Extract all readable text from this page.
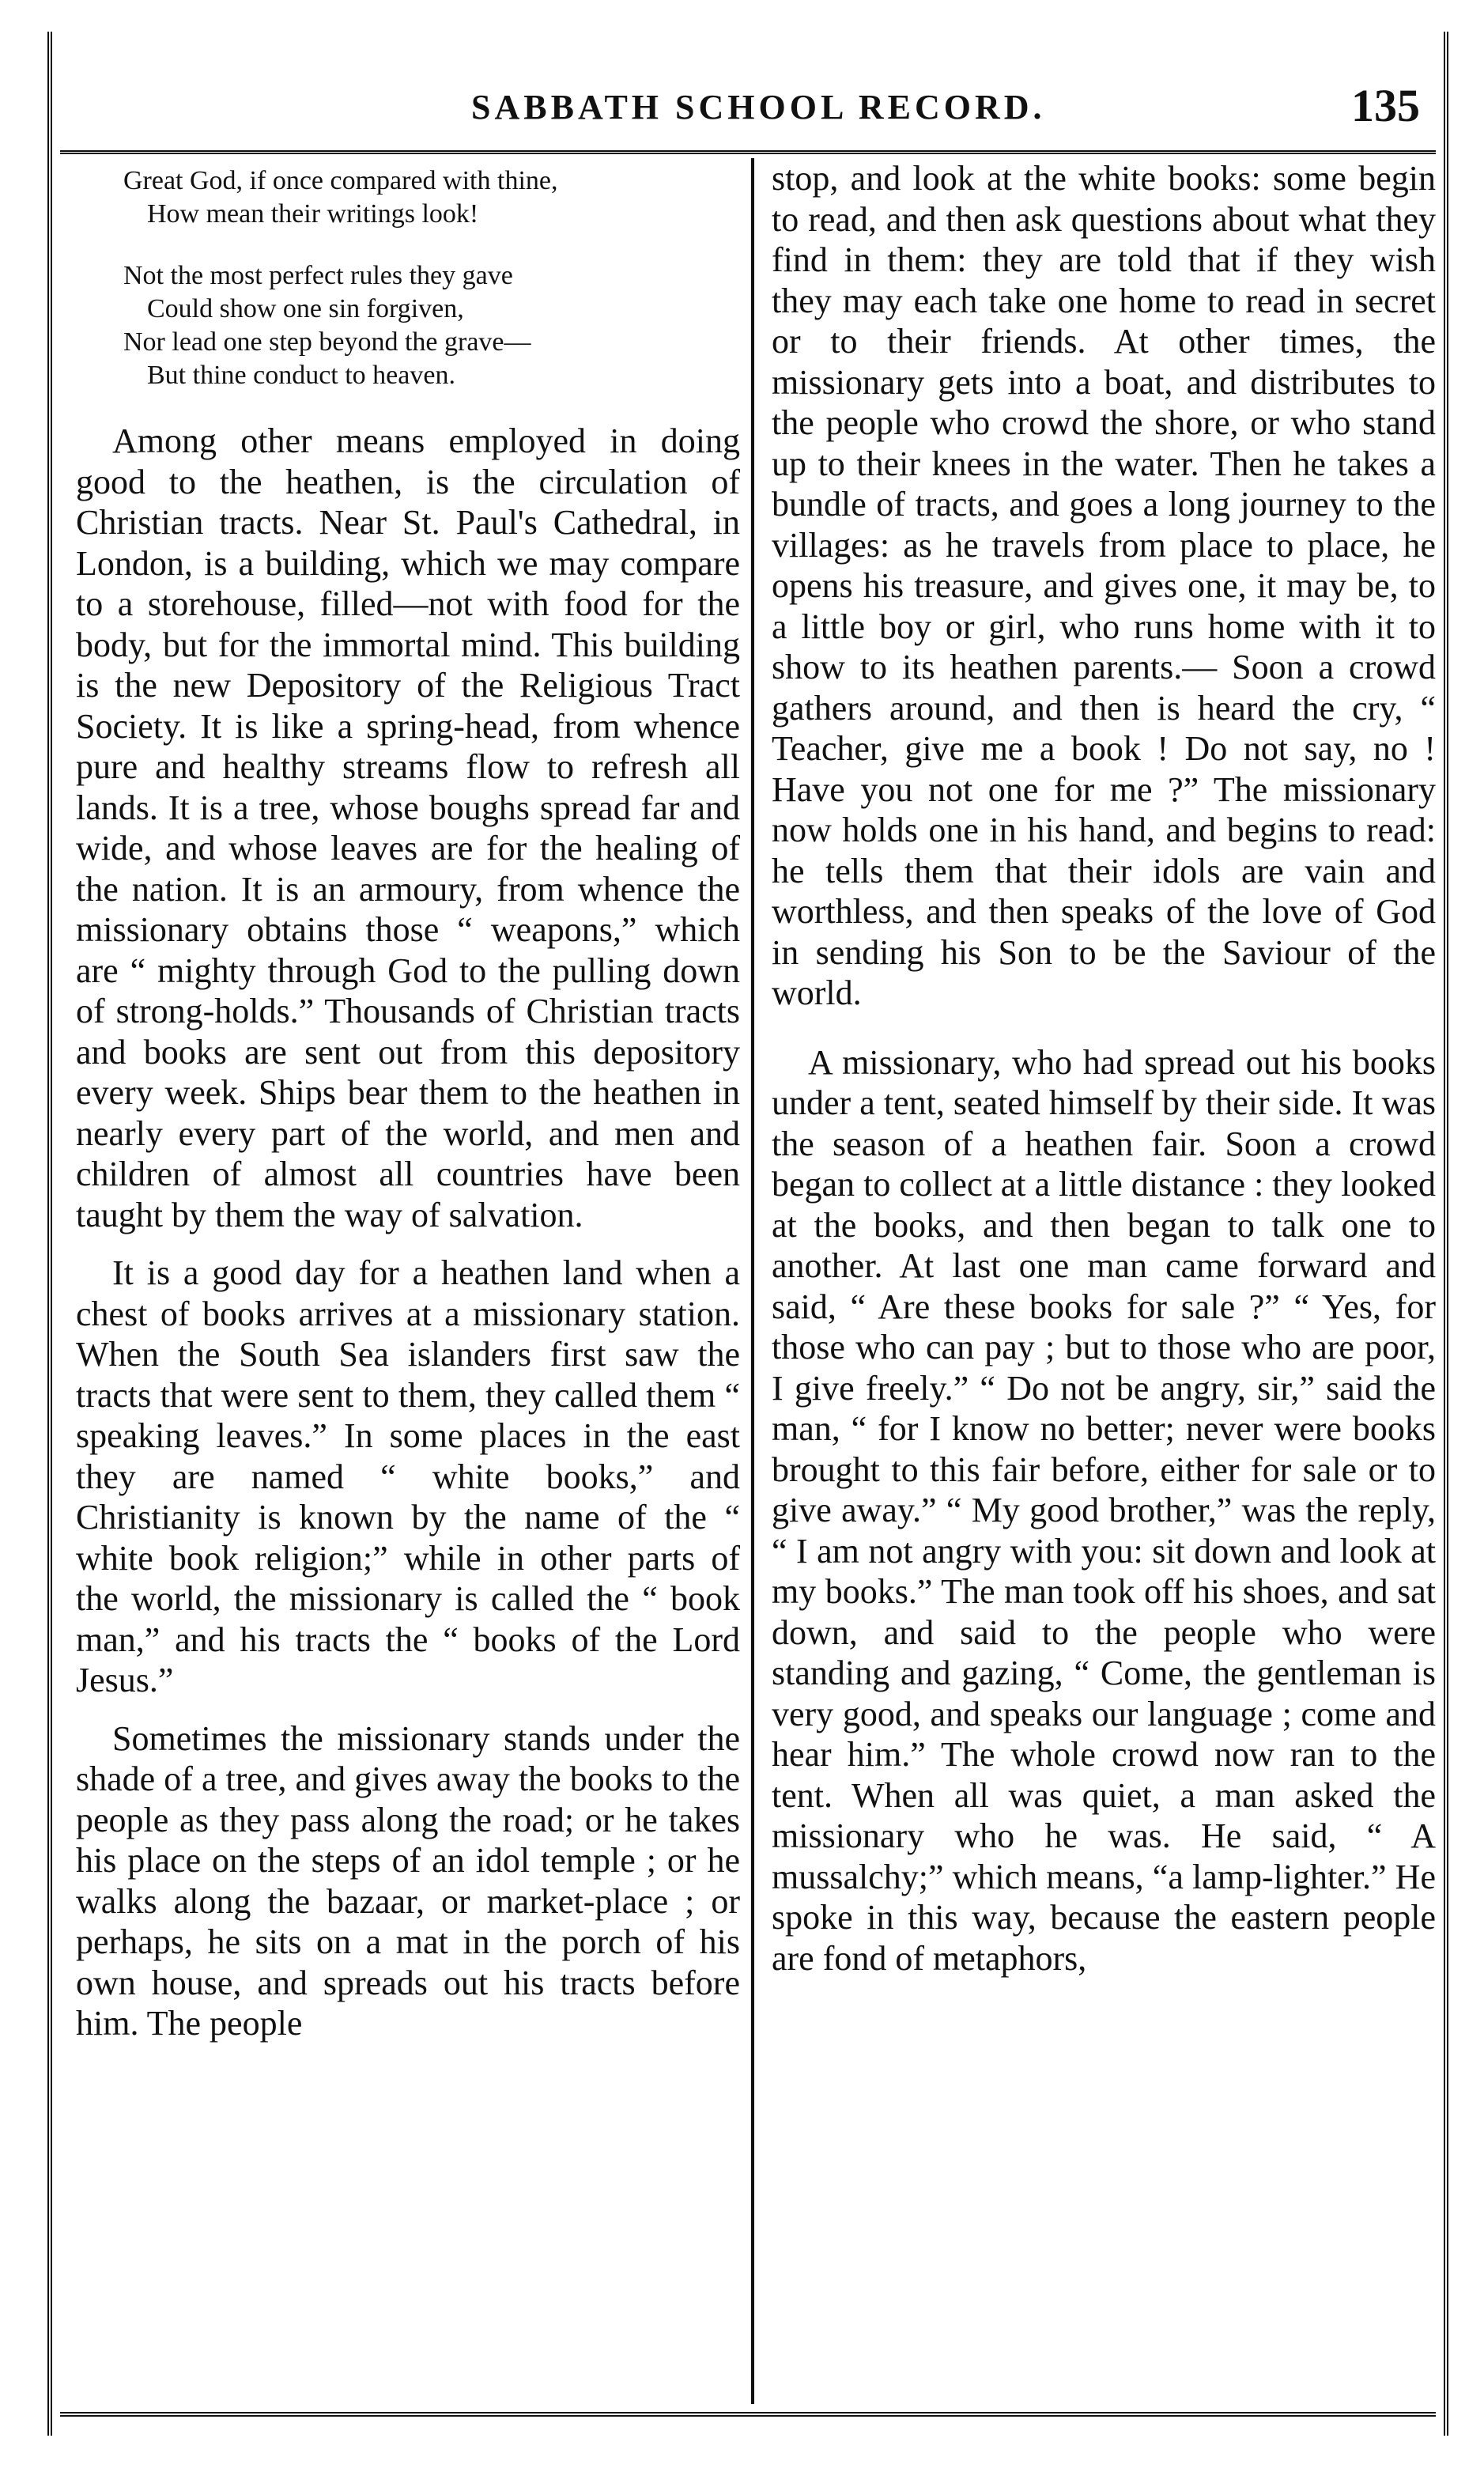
SABBATH SCHOOL RECORD.	135
Great God, if once compared with thine,
How mean their writings look!
Not the most perfect rules they gave
Could show one sin forgiven,
Nor lead one step beyond the grave—
But thine conduct to heaven.

Among other means employed in doing good to the heathen, is the circulation of Christian tracts. Near St. Paul's Cathedral, in London, is a building, which we may compare to a storehouse, filled—not with food for the body, but for the immortal mind. This building is the new Depository of the Religious Tract Society. It is like a spring-head, from whence pure and healthy streams flow to refresh all lands. It is a tree, whose boughs spread far and wide, and whose leaves are for the healing of the nation. It is an armoury, from whence the missionary obtains those “ weapons,” which are “ mighty through God to the pulling down of strong-holds.” Thousands of Christian tracts and books are sent out from this depository every week. Ships bear them to the heathen in nearly every part of the world, and men and children of almost all countries have been taught by them the way of salvation.

It is a good day for a heathen land when a chest of books arrives at a missionary station. When the South Sea islanders first saw the tracts that were sent to them, they called them “ speaking leaves.” In some places in the east they are named “ white books,” and Christianity is known by the name of the “ white book religion;” while in other parts of the world, the missionary is called the “ book man,” and his tracts the “ books of the Lord Jesus.”

Sometimes the missionary stands under the shade of a tree, and gives away the books to the people as they pass along the road; or he takes his place on the steps of an idol temple ; or he walks along the bazaar, or market-place ; or perhaps, he sits on a mat in the porch of his own house, and spreads out his tracts before him. The people

stop, and look at the white books: some begin to read, and then ask questions about what they find in them: they are told that if they wish they may each take one home to read in secret or to their friends. At other times, the missionary gets into a boat, and distributes to the people who crowd the shore, or who stand up to their knees in the water. Then he takes a bundle of tracts, and goes a long journey to the villages: as he travels from place to place, he opens his treasure, and gives one, it may be, to a little boy or girl, who runs home with it to show to its heathen parents.— Soon a crowd gathers around, and then is heard the cry, “ Teacher, give me a book ! Do not say, no ! Have you not one for me ?” The missionary now holds one in his hand, and begins to read: he tells them that their idols are vain and worthless, and then speaks of the love of God in sending his Son to be the Saviour of the world.

A missionary, who had spread out his books under a tent, seated himself by their side. It was the season of a heathen fair. Soon a crowd began to collect at a little distance : they looked at the books, and then began to talk one to another. At last one man came forward and said, “ Are these books for sale ?” “ Yes, for those who can pay ; but to those who are poor, I give freely.” “ Do not be angry, sir,” said the man, “ for I know no better; never were books brought to this fair before, either for sale or to give away.” “ My good brother,” was the reply, “ I am not angry with you: sit down and look at my books.” The man took off his shoes, and sat down, and said to the people who were standing and gazing, “ Come, the gentleman is very good, and speaks our language ; come and hear him.” The whole crowd now ran to the tent. When all was quiet, a man asked the missionary who he was. He said, “ A mussalchy;” which means, “a lamp-lighter.” He spoke in this way, because the eastern people are fond of metaphors,
